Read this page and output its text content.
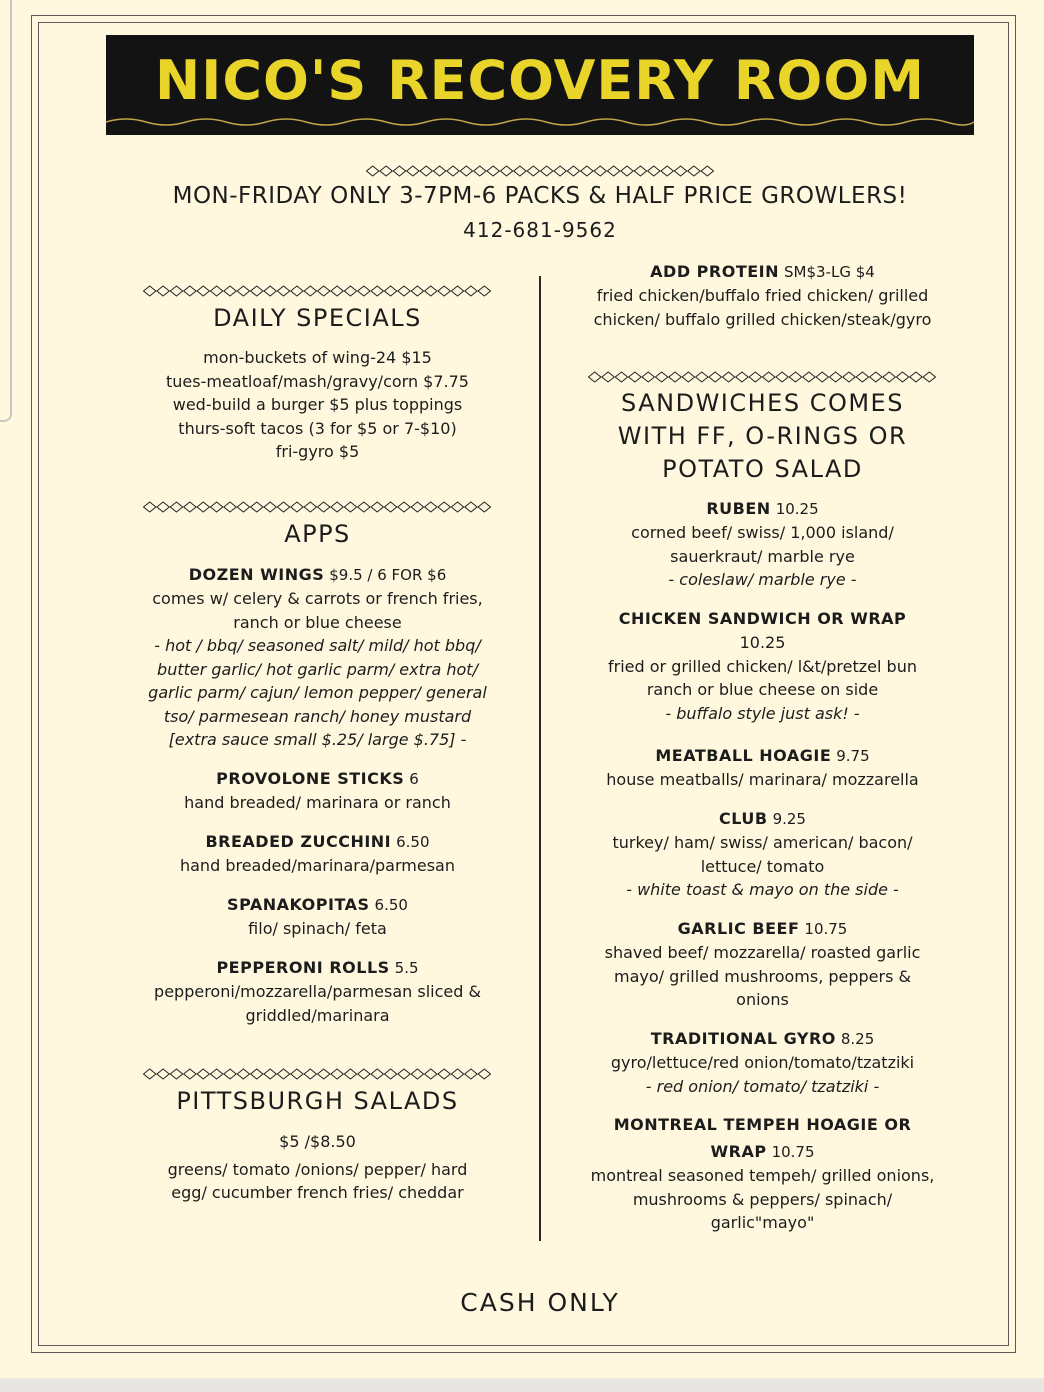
NICO'S RECOVERY ROOM
MON-FRIDAY ONLY 3-7PM-6 PACKS & HALF PRICE GROWLERS!
412-681-9562
DAILY SPECIALS
mon-buckets of wing-24 $15
tues-meatloaf/mash/gravy/corn $7.75
wed-build a burger $5 plus toppings
thurs-soft tacos (3 for $5 or 7-$10)
fri-gyro $5
APPS
DOZEN WINGS $9.5 / 6 FOR $6
comes w/ celery & carrots or french fries,
ranch or blue cheese
- hot / bbq/ seasoned salt/ mild/ hot bbq/
butter garlic/ hot garlic parm/ extra hot/
garlic parm/ cajun/ lemon pepper/ general
tso/ parmesean ranch/ honey mustard
[extra sauce small $.25/ large $.75] -
PROVOLONE STICKS 6
hand breaded/ marinara or ranch
BREADED ZUCCHINI 6.50
hand breaded/marinara/parmesan
SPANAKOPITAS 6.50
filo/ spinach/ feta
PEPPERONI ROLLS 5.5
pepperoni/mozzarella/parmesan sliced &
griddled/marinara
PITTSBURGH SALADS
$5 /$8.50
greens/ tomato /onions/ pepper/ hard
egg/ cucumber french fries/ cheddar
ADD PROTEIN SM$3-LG $4
fried chicken/buffalo fried chicken/ grilled
chicken/ buffalo grilled chicken/steak/gyro
SANDWICHES COMES
WITH FF, O-RINGS OR
POTATO SALAD
RUBEN 10.25
corned beef/ swiss/ 1,000 island/
sauerkraut/ marble rye
- coleslaw/ marble rye -
CHICKEN SANDWICH OR WRAP
10.25
fried or grilled chicken/ l&t/pretzel bun
ranch or blue cheese on side
- buffalo style just ask! -
MEATBALL HOAGIE 9.75
house meatballs/ marinara/ mozzarella
CLUB 9.25
turkey/ ham/ swiss/ american/ bacon/
lettuce/ tomato
- white toast & mayo on the side -
GARLIC BEEF 10.75
shaved beef/ mozzarella/ roasted garlic
mayo/ grilled mushrooms, peppers &
onions
TRADITIONAL GYRO 8.25
gyro/lettuce/red onion/tomato/tzatziki
- red onion/ tomato/ tzatziki -
MONTREAL TEMPEH HOAGIE OR
WRAP 10.75
montreal seasoned tempeh/ grilled onions,
mushrooms & peppers/ spinach/
garlic"mayo"
CASH ONLY
